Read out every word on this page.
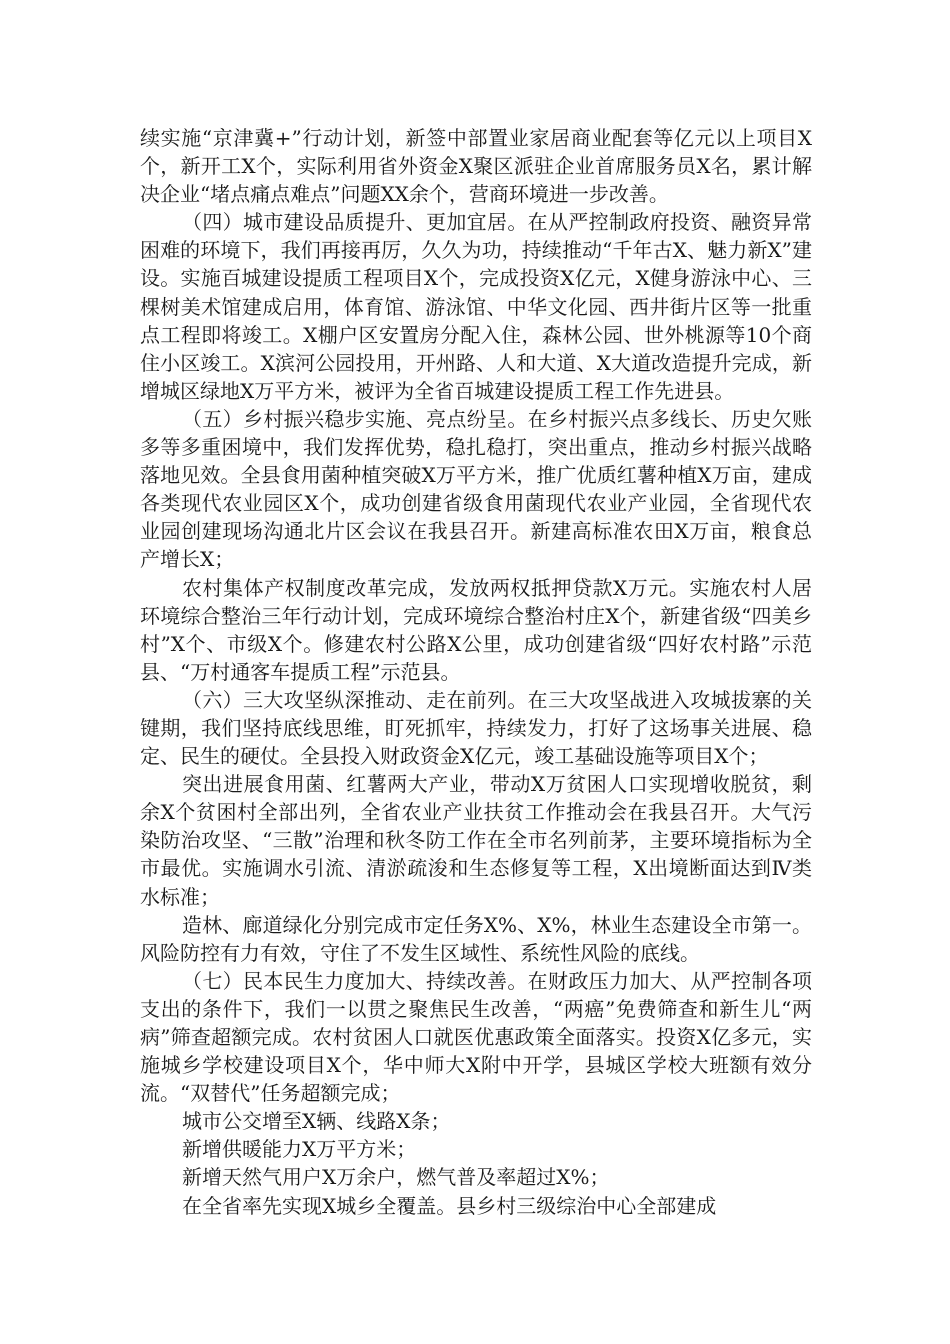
续实施“京津冀+”行动计划，新签中部置业家居商业配套等亿元以上项目X个，新开工X个，实际利用省外资金X聚区派驻企业首席服务员X名，累计解决企业“堵点痛点难点”问题XX余个，营商环境进一步改善。

（四）城市建设品质提升、更加宜居。在从严控制政府投资、融资异常困难的环境下，我们再接再厉，久久为功，持续推动“千年古X、魅力新X”建设。实施百城建设提质工程项目X个，完成投资X亿元，X健身游泳中心、三棵树美术馆建成启用，体育馆、游泳馆、中华文化园、西井街片区等一批重点工程即将竣工。X棚户区安置房分配入住，森林公园、世外桃源等10个商住小区竣工。X滨河公园投用，开州路、人和大道、X大道改造提升完成，新增城区绿地X万平方米，被评为全省百城建设提质工程工作先进县。

（五）乡村振兴稳步实施、亮点纷呈。在乡村振兴点多线长、历史欠账多等多重困境中，我们发挥优势，稳扎稳打，突出重点，推动乡村振兴战略落地见效。全县食用菌种植突破X万平方米，推广优质红薯种植X万亩，建成各类现代农业园区X个，成功创建省级食用菌现代农业产业园，全省现代农业园创建现场沟通北片区会议在我县召开。新建高标准农田X万亩，粮食总产增长X；

农村集体产权制度改革完成，发放两权抵押贷款X万元。实施农村人居环境综合整治三年行动计划，完成环境综合整治村庄X个，新建省级“四美乡村”X个、市级X个。修建农村公路X公里，成功创建省级“四好农村路”示范县、“万村通客车提质工程”示范县。

（六）三大攻坚纵深推动、走在前列。在三大攻坚战进入攻城拔寨的关键期，我们坚持底线思维，盯死抓牢，持续发力，打好了这场事关进展、稳定、民生的硬仗。全县投入财政资金X亿元，竣工基础设施等项目X个；

突出进展食用菌、红薯两大产业，带动X万贫困人口实现增收脱贫，剩余X个贫困村全部出列，全省农业产业扶贫工作推动会在我县召开。大气污染防治攻坚、“三散”治理和秋冬防工作在全市名列前茅，主要环境指标为全市最优。实施调水引流、清淤疏浚和生态修复等工程，X出境断面达到Ⅳ类水标准；

造林、廊道绿化分别完成市定任务X%、X%，林业生态建设全市第一。风险防控有力有效，守住了不发生区域性、系统性风险的底线。

（七）民本民生力度加大、持续改善。在财政压力加大、从严控制各项支出的条件下，我们一以贯之聚焦民生改善，“两癌”免费筛查和新生儿“两病”筛查超额完成。农村贫困人口就医优惠政策全面落实。投资X亿多元，实施城乡学校建设项目X个，华中师大X附中开学，县城区学校大班额有效分流。“双替代”任务超额完成；

城市公交增至X辆、线路X条；

新增供暖能力X万平方米；

新增天然气用户X万余户，燃气普及率超过X%；

在全省率先实现X城乡全覆盖。县乡村三级综治中心全部建成
